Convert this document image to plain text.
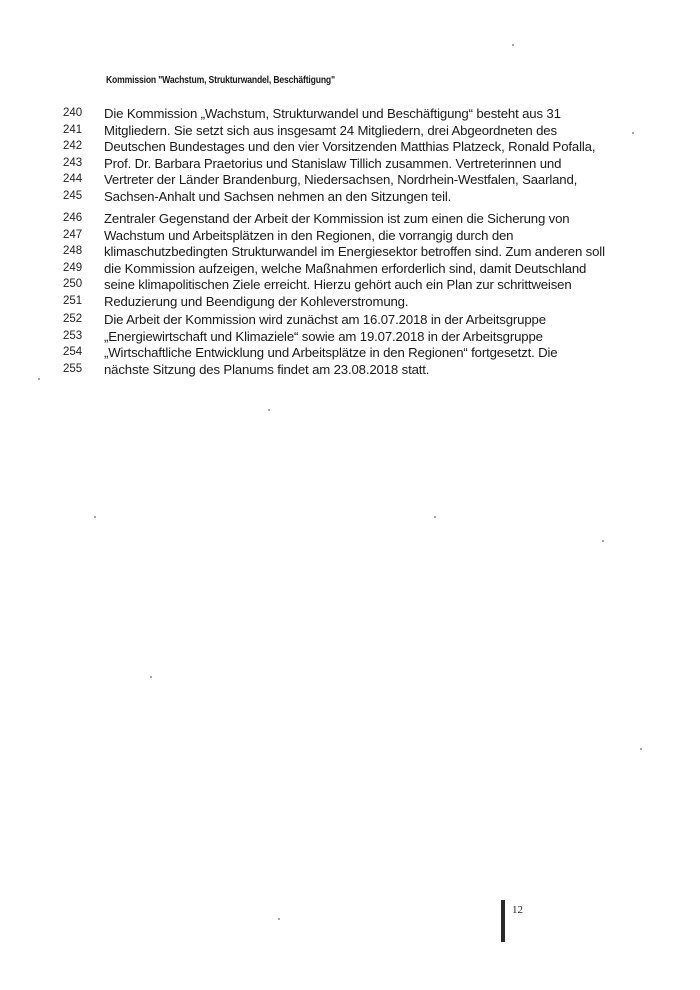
Kommission "Wachstum, Strukturwandel, Beschäftigung"
240 Die Kommission „Wachstum, Strukturwandel und Beschäftigung“ besteht aus 31
241 Mitgliedern. Sie setzt sich aus insgesamt 24 Mitgliedern, drei Abgeordneten des
242 Deutschen Bundestages und den vier Vorsitzenden Matthias Platzeck, Ronald Pofalla,
243 Prof. Dr. Barbara Praetorius und Stanislaw Tillich zusammen. Vertreterinnen und
244 Vertreter der Länder Brandenburg, Niedersachsen, Nordrhein-Westfalen, Saarland,
245 Sachsen-Anhalt und Sachsen nehmen an den Sitzungen teil.
246 Zentraler Gegenstand der Arbeit der Kommission ist zum einen die Sicherung von
247 Wachstum und Arbeitsplätzen in den Regionen, die vorrangig durch den
248 klimaschutzbedingten Strukturwandel im Energiesektor betroffen sind. Zum anderen soll
249 die Kommission aufzeigen, welche Maßnahmen erforderlich sind, damit Deutschland
250 seine klimapolitischen Ziele erreicht. Hierzu gehört auch ein Plan zur schrittweisen
251 Reduzierung und Beendigung der Kohleverstromung.
252 Die Arbeit der Kommission wird zunächst am 16.07.2018 in der Arbeitsgruppe
253 „Energiewirtschaft und Klimaziele“ sowie am 19.07.2018 in der Arbeitsgruppe
254 „Wirtschaftliche Entwicklung und Arbeitsplätze in den Regionen“ fortgesetzt. Die
255 nächste Sitzung des Planums findet am 23.08.2018 statt.
12
